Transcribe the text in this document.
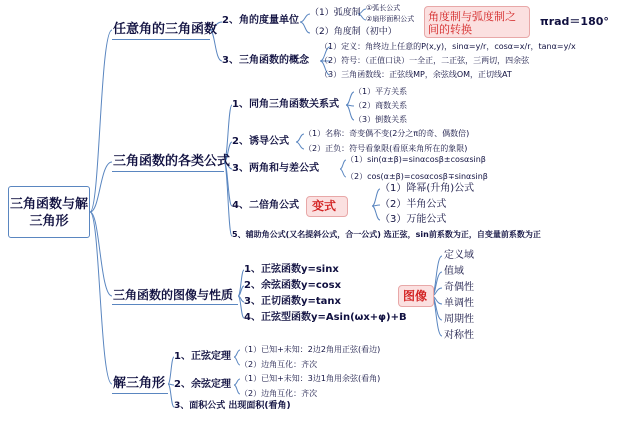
三角函数与解三角形
任意角的三角函数
2、角的度量单位
（1）弧度制 ①弧长公式
②扇形面积公式
（2）角度制（初中）
角度制与弧度制之间的转换
πrad＝180°
3、三角函数的概念
（1）定义：角终边上任意的P(x,y)，sinα=y/r，cosα=x/r，tanα=y/x
（2）符号：（正值口诀）一全正，二正弦，三两切，四余弦
（3）三角函数线：正弦线MP，余弦线OM，正切线AT
三角函数的各类公式
1、同角三角函数关系式
（1）平方关系
（2）商数关系
（3）倒数关系
2、诱导公式
（1）名称：奇变偶不变(2分之π的奇、偶数倍)
（2）正负：符号看象限(看原来角所在的象限)
3、两角和与差公式
（1）sin(α±β)=sinαcosβ±cosαsinβ
（2）cos(α±β)=cosαcosβ∓sinαsinβ
4、二倍角公式 变式
（1）降幂(升角)公式
（2）半角公式
（3）万能公式
5、辅助角公式(又名提斜公式，合一公式) 选正弦，sin前系数为正，自变量前系数为正
三角函数的图像与性质
1、正弦函数y=sinx
2、余弦函数y=cosx
3、正切函数y=tanx
4、正弦型函数y=Asin(ωx+φ)+B
图像
定义域
值域
奇偶性
单调性
周期性
对称性
解三角形
1、正弦定理
（1）已知+未知：2边2角用正弦(看边)
（2）边角互化：齐次
2、余弦定理
（1）已知+未知：3边1角用余弦(看角)
（2）边角互化：齐次
3、面积公式 出现面积(看角)
